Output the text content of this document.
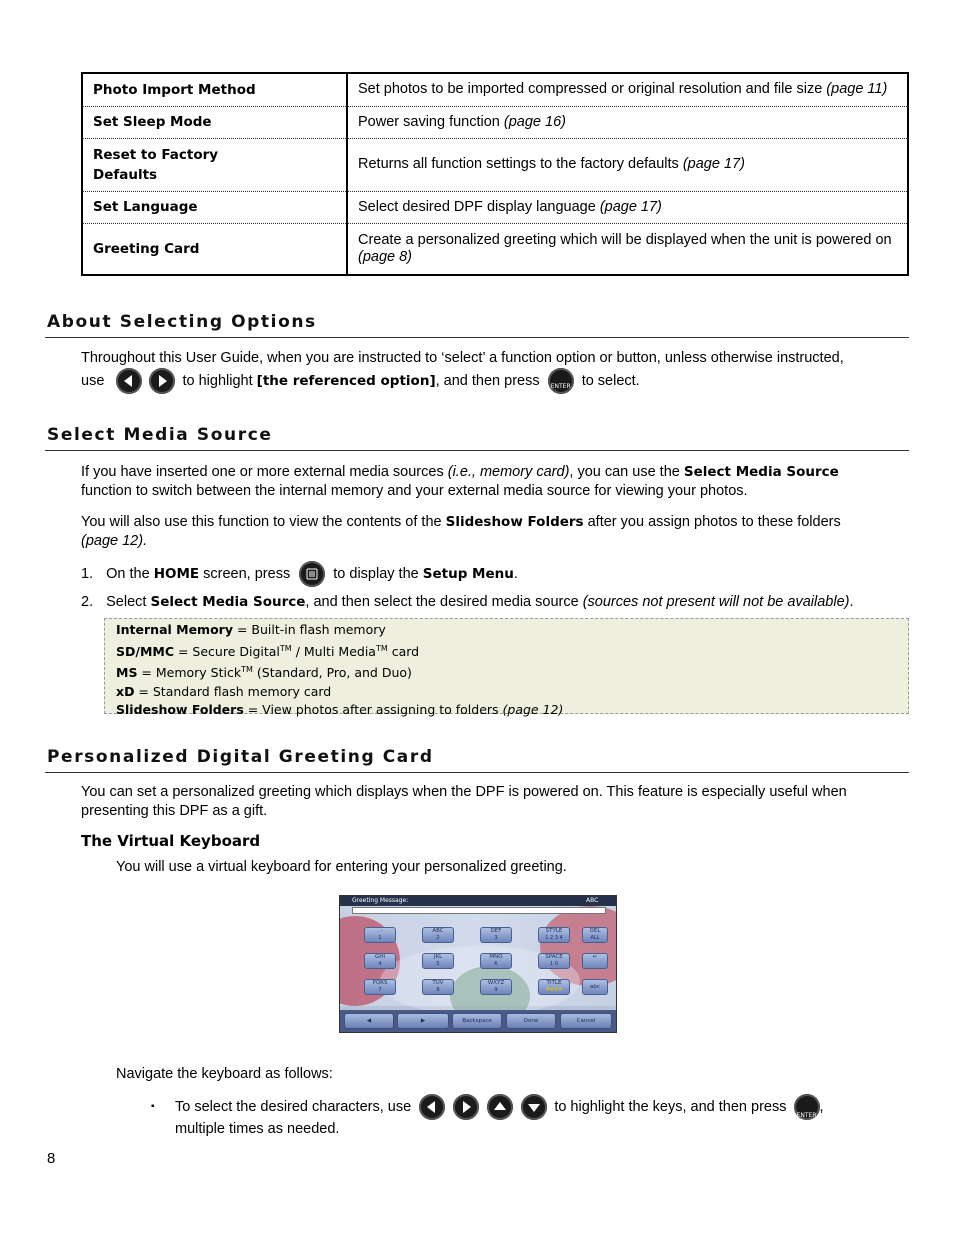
Photo Import Method	Set photos to be imported compressed or original resolution and file size (page 11)
Set Sleep Mode	Power saving function (page 16)
Reset to Factory Defaults	Returns all function settings to the factory defaults (page 17)
Set Language	Select desired DPF display language (page 17)
Greeting Card	Create a personalized greeting which will be displayed when the unit is powered on
(page 8)
About Selecting Options
Throughout this User Guide, when you are instructed to ‘select’ a function option or button, unless otherwise instructed,
use
	to highlight [the referenced option], and then press	ENTER to select.
Select Media Source
If you have inserted one or more external media sources (i.e., memory card), you can use the Select Media Source
function to switch between the internal memory and your external media source for viewing your photos.
You will also use this function to view the contents of the Slideshow Folders after you assign photos to these folders
(page 12).
1. On the HOME screen, press	to display the Setup Menu.
2. Select Select Media Source, and then select the desired media source (sources not present will not be available).
Internal Memory = Built-in flash memory
SD/MMC = Secure Digital™ / Multi Media™ card
MS = Memory Stick™ (Standard, Pro, and Duo)
xD = Standard flash memory card
Slideshow Folders = View photos after assigning to folders (page 12)
Personalized Digital Greeting Card
You can set a personalized greeting which displays when the DPF is powered on. This feature is especially useful when presenting this DPF as a gift.
The Virtual Keyboard
You will use a virtual keyboard for entering your personalized greeting.
Greeting Message:	ABC
. -
1
ABC
2
DEF
3
STYLE
1 2 3 4
DEL
ALL
GHI
4
JKL
5
MNO
6
SPACE
1 0
↵
PQRS
7
TUV
8
WXYZ
9
TITLE
####	abc
◀	▶	Backspace	Done	Cancel
Navigate the keyboard as follows:
▪ To select the desired characters, use

	to highlight the keys, and then press
ENTER
,
multiple times as needed.
8
